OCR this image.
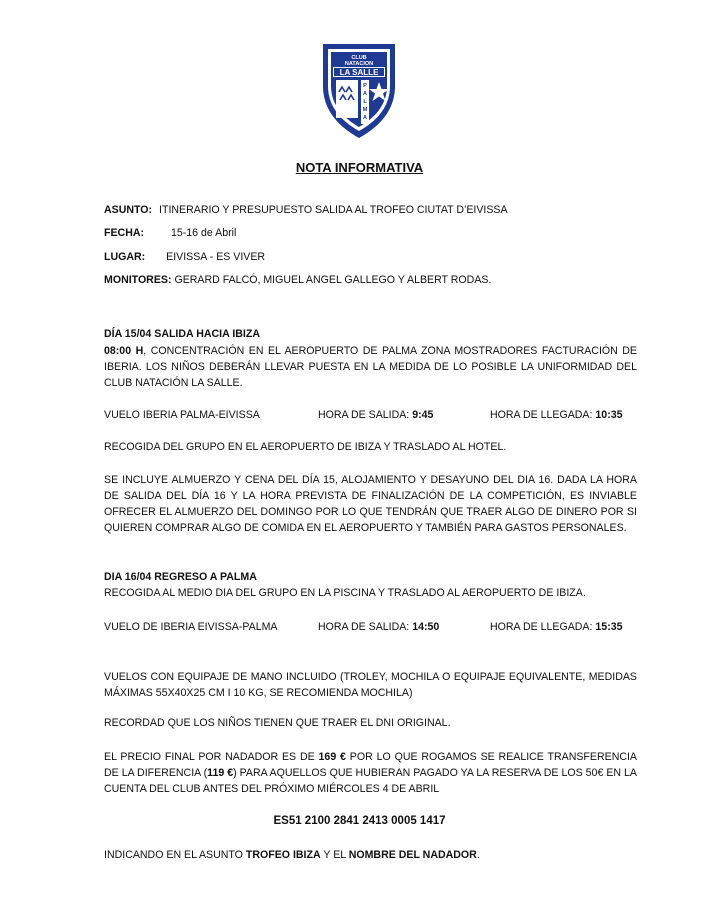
CLUB
NATACION
LA SALLE
P
A
L
M
A
NOTA INFORMATIVA
ASUNTO: ITINERARIO Y PRESUPUESTO SALIDA AL TROFEO CIUTAT D’EIVISSA
FECHA:	15-16 de Abril
LUGAR: EIVISSA - ES VIVER
MONITORES: GERARD FALCÓ, MIGUEL ANGEL GALLEGO Y ALBERT RODAS.
DÍA 15/04 SALIDA HACIA IBIZA
08:00 H, CONCENTRACIÓN EN EL AEROPUERTO DE PALMA ZONA MOSTRADORES FACTURACIÓN DE IBERIA. LOS NIÑOS DEBERÁN LLEVAR PUESTA EN LA MEDIDA DE LO POSIBLE LA UNIFORMIDAD DEL CLUB NATACIÓN LA SALLE.
VUELO IBERIA PALMA-EIVISSA	HORA DE SALIDA: 9:45	HORA DE LLEGADA: 10:35
RECOGIDA DEL GRUPO EN EL AEROPUERTO DE IBIZA Y TRASLADO AL HOTEL.
SE INCLUYE ALMUERZO Y CENA DEL DÍA 15, ALOJAMIENTO Y DESAYUNO DEL DIA 16. DADA LA HORA DE SALIDA DEL DÍA 16 Y LA HORA PREVISTA DE FINALIZACIÓN DE LA COMPETICIÓN, ES INVIABLE OFRECER EL ALMUERZO DEL DOMINGO POR LO QUE TENDRÁN QUE TRAER ALGO DE DINERO POR SI QUIEREN COMPRAR ALGO DE COMIDA EN EL AEROPUERTO Y TAMBIÉN PARA GASTOS PERSONALES.
DIA 16/04 REGRESO A PALMA
RECOGIDA AL MEDIO DIA DEL GRUPO EN LA PISCINA Y TRASLADO AL AEROPUERTO DE IBIZA.
VUELO DE IBERIA EIVISSA-PALMA	HORA DE SALIDA: 14:50	HORA DE LLEGADA: 15:35
VUELOS CON EQUIPAJE DE MANO INCLUIDO (TROLEY, MOCHILA O EQUIPAJE EQUIVALENTE, MEDIDAS MÁXIMAS 55X40X25 CM I 10 KG, SE RECOMIENDA MOCHILA)
RECORDAD QUE LOS NIÑOS TIENEN QUE TRAER EL DNI ORIGINAL.
EL PRECIO FINAL POR NADADOR ES DE 169 € POR LO QUE ROGAMOS SE REALICE TRANSFERENCIA DE LA DIFERENCIA (119 €) PARA AQUELLOS QUE HUBIERAN PAGADO YA LA RESERVA DE LOS 50€ EN LA CUENTA DEL CLUB ANTES DEL PRÓXIMO MIÉRCOLES 4 DE ABRIL
ES51 2100 2841 2413 0005 1417
INDICANDO EN EL ASUNTO TROFEO IBIZA Y EL NOMBRE DEL NADADOR.
